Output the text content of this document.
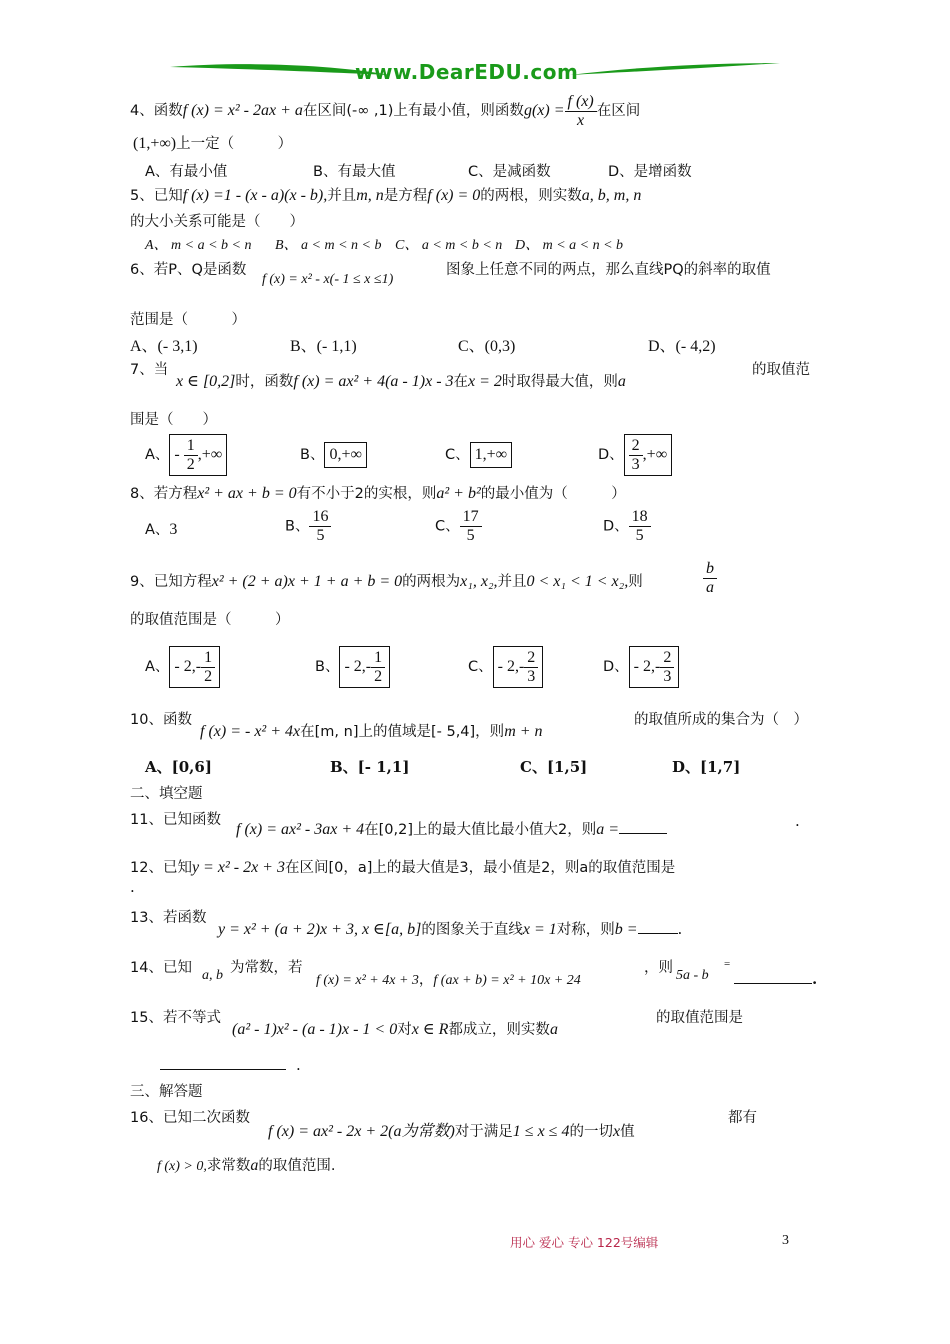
www.DearEDU.com
4、函数f (x) = x² - 2ax + a在区间(-∞ ,1)上有最小值，则函数$g(x) = \frac{f (x)}{x}$ 在区间
(1,+∞)上一定（　　　）
A、有最小值	B、有最大值	C、是减函数	D、是增函数
5、已知f (x) =1 - (x - a)(x - b),并且m, n是方程f (x) = 0的两根，则实数a, b, m, n
的大小关系可能是（　　）
A、 m < a < b < n B、 a < m < n < b C、 a < m < b < n D、 m < a < n < b
6、若P、Q是函数
f (x) = x² - x(- 1 ≤ x ≤1)
图象上任意不同的两点，那么直线PQ的斜率的取值
范围是（　　　）
A、(- 3,1)	B、(- 1,1)	C、(0,3)	D、(- 4,2)
7、当
x ∈ [0,2]时，函数f (x) = ax² + 4(a - 1)x - 3在x = 2时取得最大值，则a
的取值范
围是（　　）
A、 - $\frac{1}{2}$ ,+∞	B、 0,+∞	C、 1,+∞	D、 $\frac{2}{3}$ ,+∞
8、若方程x² + ax + b = 0有不小于2的实根，则a² + b²的最小值为（　　　）
A、3	B、 $\frac{16}{5}$	C、 $\frac{17}{5}$	D、 $\frac{18}{5}$
9、已知方程x² + (2 + a)x + 1 + a + b = 0的两根为x₁, x₂,并且0 < x₁ < 1 < x₂,则	$\frac{b}{a}$
的取值范围是（　　　）
A、 - $2,- \frac{1}{2}$	B、 - $2,- \frac{1}{2}$	C、 - $2,- \frac{2}{3}$	D、 - $2,- \frac{2}{3}$
10、函数
f (x) = - x² + 4x在[m, n]上的值域是[- 5,4]，则m + n
的取值所成的集合为（　）
A、[0,6]	B、[- 1,1]	C、[1,5]	D、[1,7]
二、填空题
11、已知函数
f (x) = ax² - 3ax + 4在[0,2]上的最大值比最小值大2，则a =	.
12、已知y = x² - 2x + 3在区间[0，a]上的最大值是3，最小值是2，则a的取值范围是
.
13、若函数
y = x² + (a + 2)x + 3, x ∈[a, b]的图象关于直线x = 1对称，则b =	.
14、已知 a, b 为常数，若
f (x) = x² + 4x + 3，f (ax + b) = x² + 10x + 24
，则 5a - b
=
.
15、若不等式
(a² - 1)x² - (a - 1)x - 1 < 0对x ∈ R都成立，则实数a
的取值范围是
.
三、解答题
16、已知二次函数
f (x) = ax² - 2x + 2(a为常数)对于满足1 ≤ x ≤ 4的一切x值
都有
f (x) > 0,求常数a的取值范围.
用心 爱心 专心 122号编辑	3
